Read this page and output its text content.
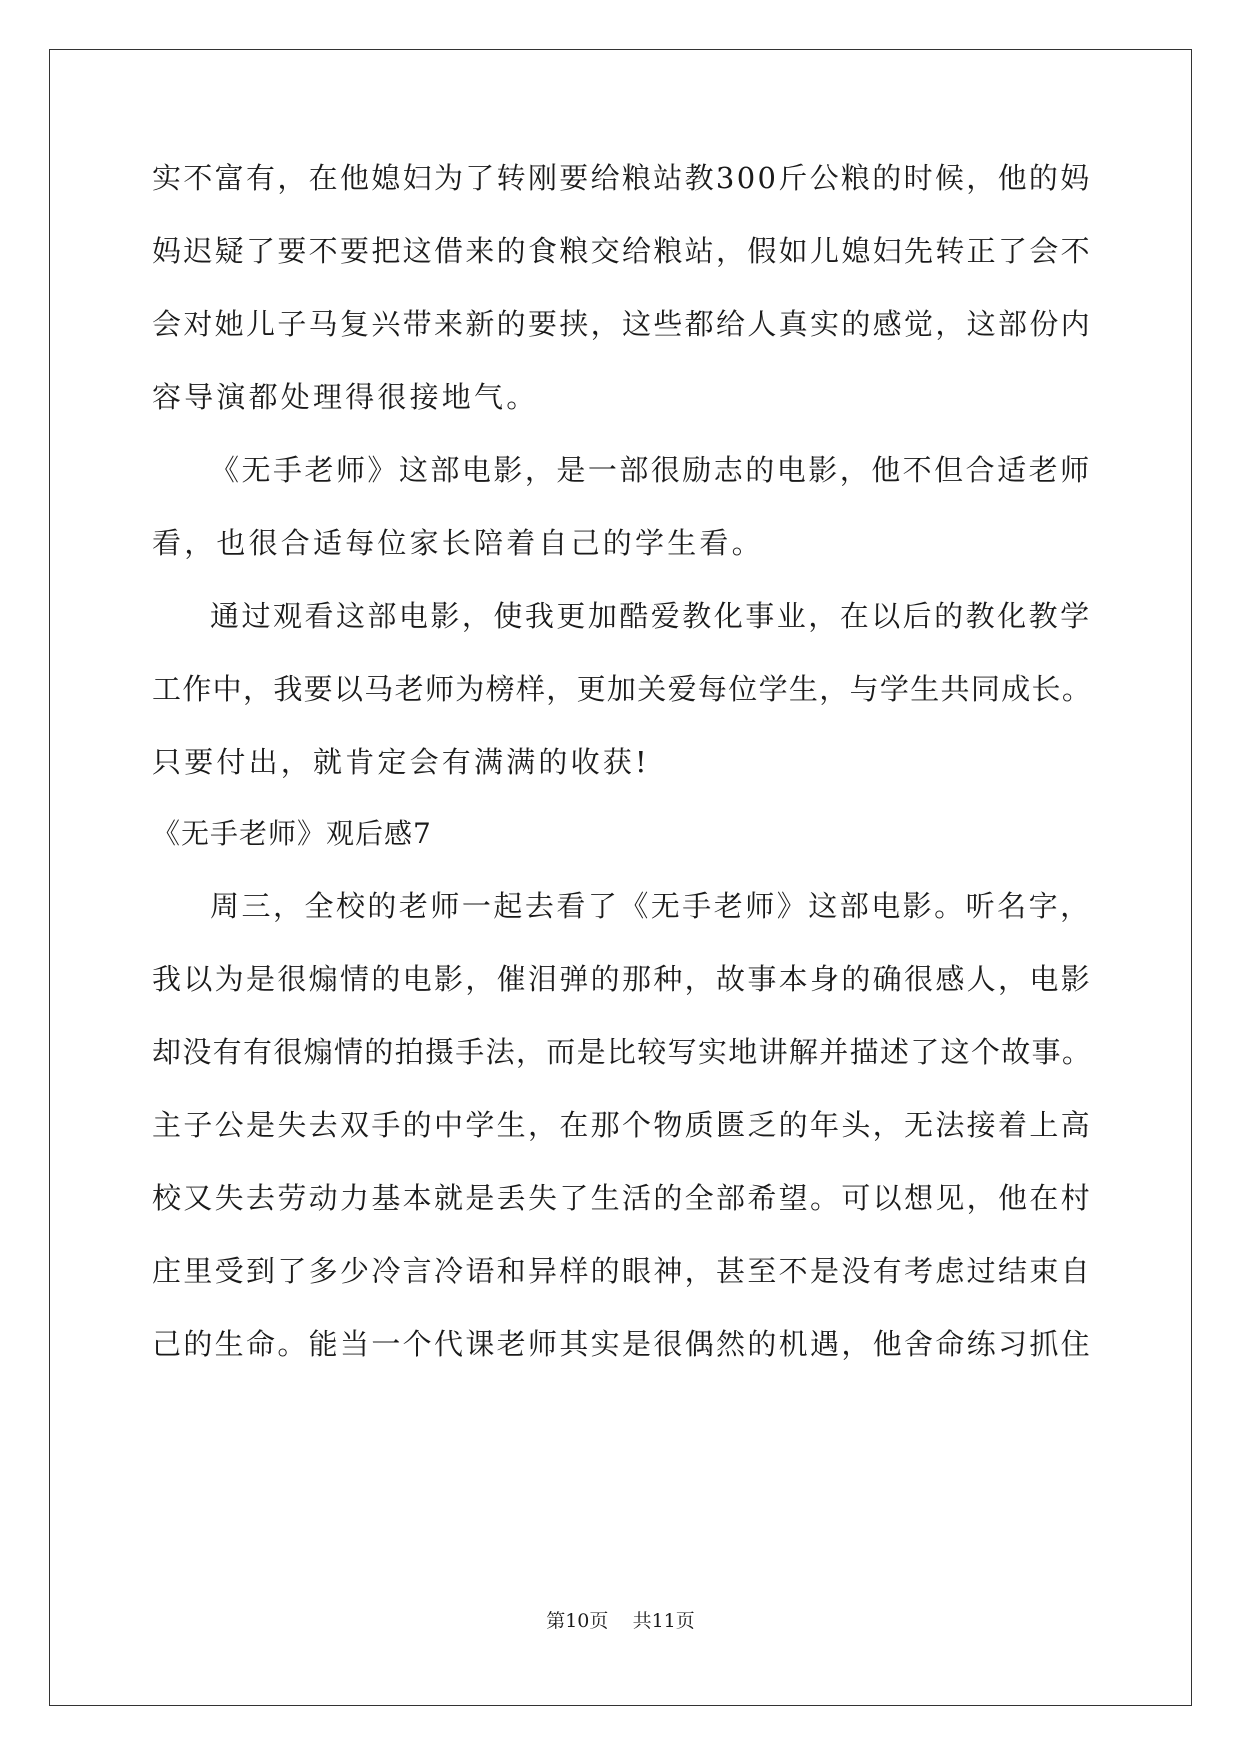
实不富有，在他媳妇为了转刚要给粮站教300斤公粮的时候，他的妈
妈迟疑了要不要把这借来的食粮交给粮站，假如儿媳妇先转正了会不
会对她儿子马复兴带来新的要挟，这些都给人真实的感觉，这部份内
容导演都处理得很接地气。
《无手老师》这部电影，是一部很励志的电影，他不但合适老师
看，也很合适每位家长陪着自己的学生看。
通过观看这部电影，使我更加酷爱教化事业，在以后的教化教学
工作中，我要以马老师为榜样，更加关爱每位学生，与学生共同成长。
只要付出，就肯定会有满满的收获!
《无手老师》观后感7
周三，全校的老师一起去看了《无手老师》这部电影。听名字，
我以为是很煽情的电影，催泪弹的那种，故事本身的确很感人，电影
却没有有很煽情的拍摄手法，而是比较写实地讲解并描述了这个故事。
主子公是失去双手的中学生，在那个物质匮乏的年头，无法接着上高
校又失去劳动力基本就是丢失了生活的全部希望。可以想见，他在村
庄里受到了多少冷言冷语和异样的眼神，甚至不是没有考虑过结束自
己的生命。能当一个代课老师其实是很偶然的机遇，他舍命练习抓住
第10页 共11页
